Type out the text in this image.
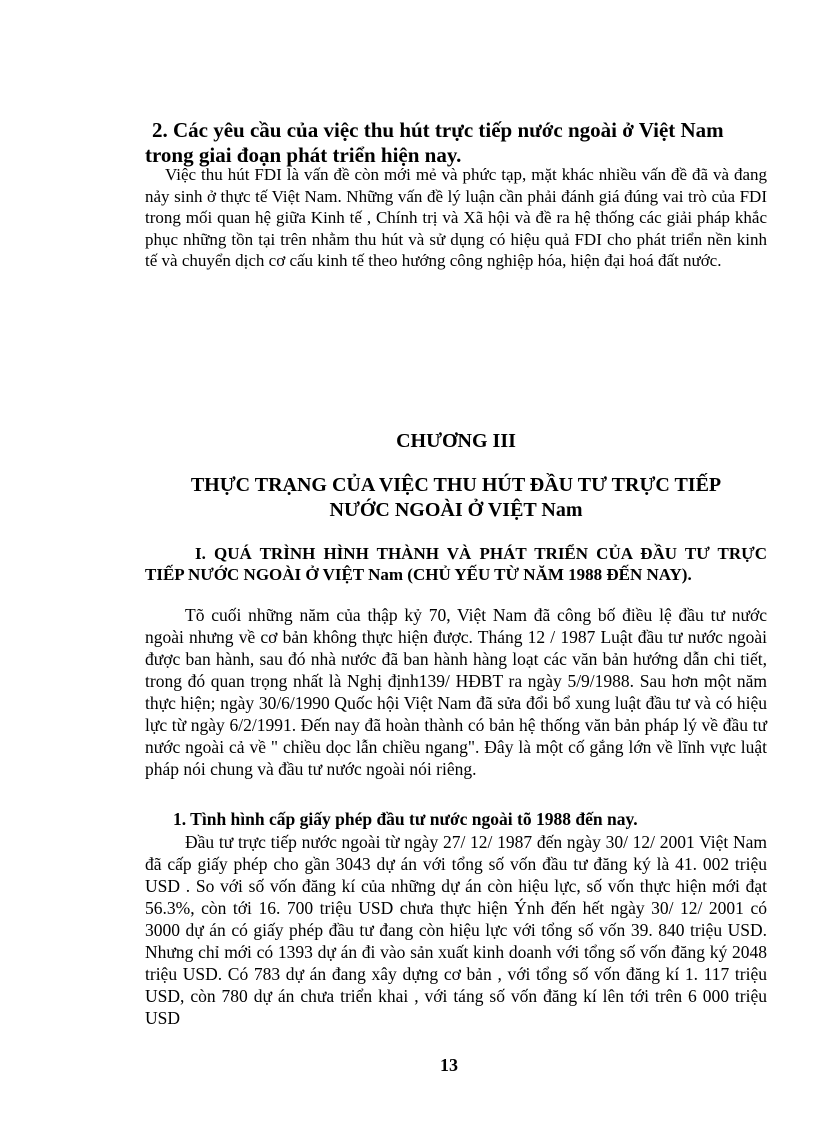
2. Các yêu cầu của việc thu hút trực tiếp nước ngoài ở Việt Nam
trong giai đoạn phát triển hiện nay.
Việc thu hút FDI là vấn đề còn mới mẻ và phức tạp, mặt khác nhiều vấn đề đã và đang nảy sinh ở thực tế Việt Nam. Những vấn đề lý luận cần phải đánh giá đúng vai trò của FDI trong mối quan hệ giữa Kinh tế , Chính trị và Xã hội và đề ra hệ thống các giải pháp khắc phục những tồn tại trên nhằm thu hút và sử dụng có hiệu quả FDI cho phát triển nền kinh tế và chuyển dịch cơ cấu kinh tế theo hướng công nghiệp hóa, hiện đại hoá đất nước.
CHƯƠNG III
THỰC TRẠNG CỦA VIỆC THU HÚT ĐẦU TƯ TRỰC TIẾP
NƯỚC NGOÀI Ở VIỆT Nam
I. QUÁ TRÌNH HÌNH THÀNH VÀ PHÁT TRIỂN CỦA ĐẦU TƯ TRỰC TIẾP NƯỚC NGOÀI Ở VIỆT Nam (CHỦ YẾU TỪ NĂM 1988 ĐẾN NAY).
Tõ cuối những năm của thập kỷ 70, Việt Nam đã công bố điều lệ đầu tư nước ngoài nhưng về cơ bản không thực hiện được. Tháng 12 / 1987 Luật đầu tư nước ngoài được ban hành, sau đó nhà nước đã ban hành hàng loạt các văn bản hướng dẫn chi tiết, trong đó quan trọng nhất là Nghị định139/ HĐBT ra ngày 5/9/1988. Sau hơn một năm thực hiện; ngày 30/6/1990 Quốc hội Việt Nam đã sửa đổi bổ xung luật đầu tư và có hiệu lực từ ngày 6/2/1991. Đến nay đã hoàn thành có bản hệ thống văn bản pháp lý về đầu tư nước ngoài cả về " chiều dọc lẫn chiều ngang". Đây là một cố gắng lớn về lĩnh vực luật pháp nói chung và đầu tư nước ngoài nói riêng.
1. Tình hình cấp giấy phép đầu tư nước ngoài tõ 1988 đến nay.
Đầu tư trực tiếp nước ngoài từ ngày 27/ 12/ 1987 đến ngày 30/ 12/ 2001 Việt Nam đã cấp giấy phép cho gần 3043 dự án với tổng số vốn đầu tư đăng ký là 41. 002 triệu USD . So với số vốn đăng kí của những dự án còn hiệu lực, số vốn thực hiện mới đạt 56.3%, còn tới 16. 700 triệu USD chưa thực hiện Ýnh đến hết ngày 30/ 12/ 2001 có 3000 dự án có giấy phép đầu tư đang còn hiệu lực với tổng số vốn 39. 840 triệu USD. Nhưng chỉ mới có 1393 dự án đi vào sản xuất kinh doanh với tổng số vốn đăng ký 2048 triệu USD. Có 783 dự án đang xây dựng cơ bản , với tổng số vốn đăng kí 1. 117 triệu USD, còn 780 dự án chưa triển khai , với táng số vốn đăng kí lên tới trên 6 000 triệu USD
13
